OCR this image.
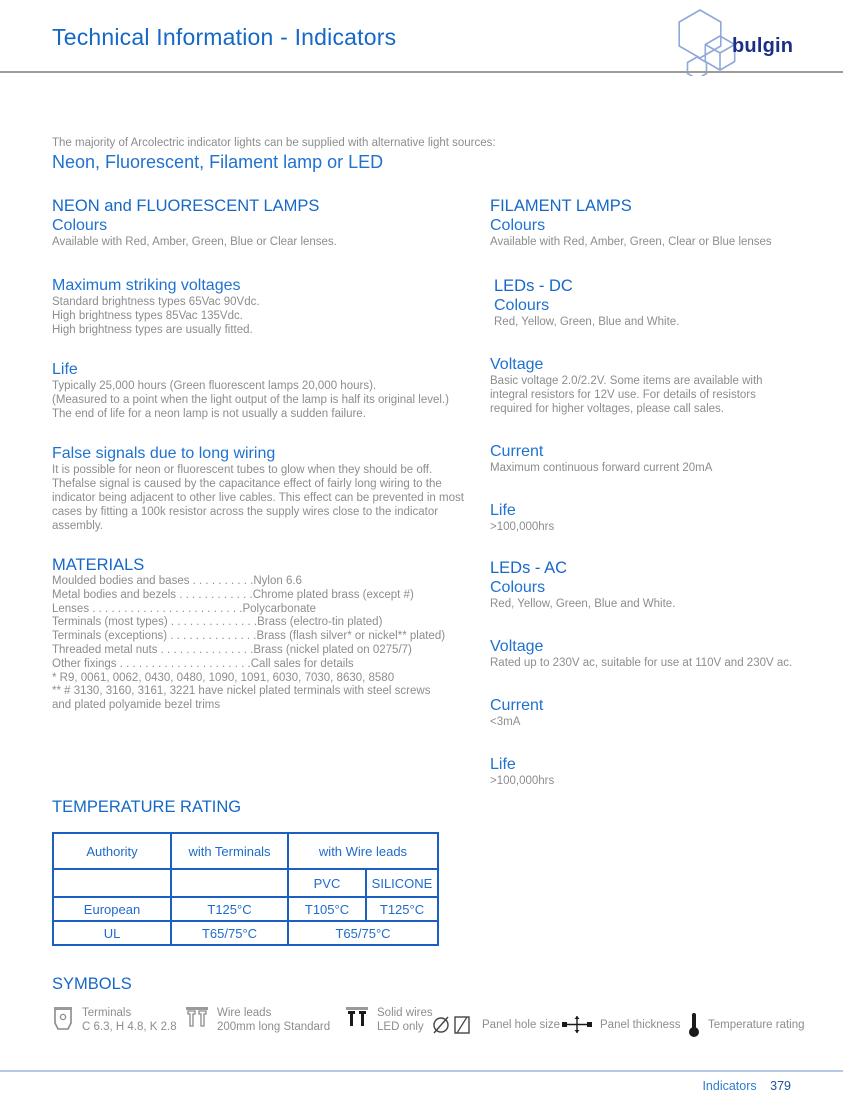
Technical Information - Indicators	bulgin
The majority of Arcolectric indicator lights can be supplied with alternative light sources:
Neon, Fluorescent, Filament lamp or LED
NEON and FLUORESCENT LAMPS
Colours
Available with Red, Amber, Green, Blue or Clear lenses.
Maximum striking voltages
Standard brightness types 65Vac 90Vdc.
High brightness types 85Vac 135Vdc.
High brightness types are usually fitted.
Life
Typically 25,000 hours (Green fluorescent lamps 20,000 hours).
(Measured to a point when the light output of the lamp is half its original level.)
The end of life for a neon lamp is not usually a sudden failure.
False signals due to long wiring
It is possible for neon or fluorescent tubes to glow when they should be off. Thefalse signal is caused by the capacitance effect of fairly long wiring to the indicator being adjacent to other live cables. This effect can be prevented in most cases by fitting a 100k resistor across the supply wires close to the indicator assembly.
MATERIALS
Moulded bodies and bases . . . . . . . . . .Nylon 6.6
Metal bodies and bezels . . . . . . . . . . . .Chrome plated brass (except #)
Lenses . . . . . . . . . . . . . . . . . . . . . . . .Polycarbonate
Terminals (most types) . . . . . . . . . . . . . .Brass (electro-tin plated)
Terminals (exceptions) . . . . . . . . . . . . . .Brass (flash silver* or nickel** plated)
Threaded metal nuts . . . . . . . . . . . . . . .Brass (nickel plated on 0275/7)
Other fixings . . . . . . . . . . . . . . . . . . . . .Call sales for details
* R9, 0061, 0062, 0430, 0480, 1090, 1091, 6030, 7030, 8630, 8580
** # 3130, 3160, 3161, 3221 have nickel plated terminals with steel screws
and plated polyamide bezel trims
FILAMENT LAMPS
Colours
Available with Red, Amber, Green, Clear or Blue lenses
LEDs - DC
Colours
Red, Yellow, Green, Blue and White.
Voltage
Basic voltage 2.0/2.2V. Some items are available with integral resistors for 12V use. For details of resistors required for higher voltages, please call sales.
Current
Maximum continuous forward current 20mA
Life
>100,000hrs
LEDs - AC
Colours
Red, Yellow, Green, Blue and White.
Voltage
Rated up to 230V ac, suitable for use at 110V and 230V ac.
Current
<3mA
Life
>100,000hrs
TEMPERATURE RATING
Authority	with Terminals	with Wire leads	
		PVC	SILICONE
European	T125°C	T105°C	T125°C
UL	T65/75°C	T65/75°C	
SYMBOLS
Terminals
C 6.3, H 4.8, K 2.8
Wire leads
200mm long Standard
Solid wires
LED only	Panel hole size	Panel thickness Temperature rating
Indicators 379
